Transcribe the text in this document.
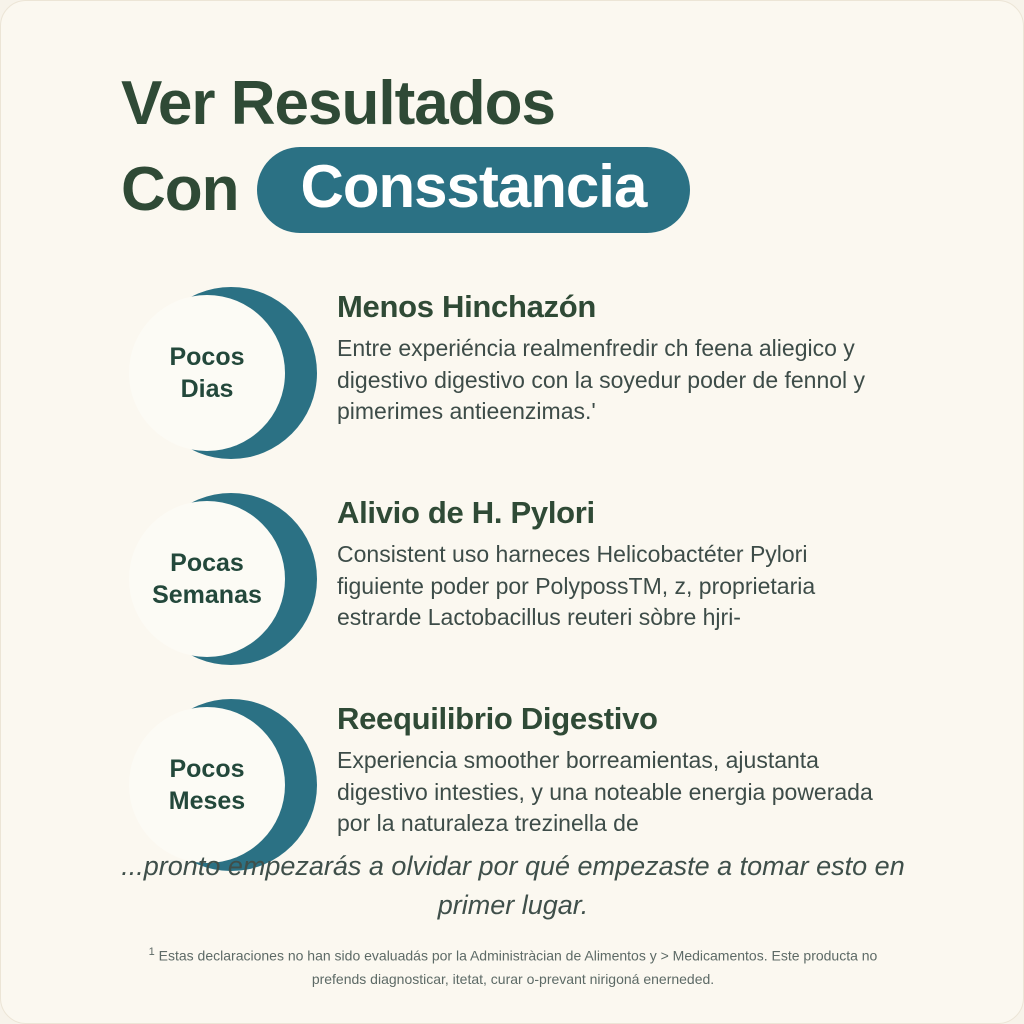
Ver Resultados
Con	Consstancia
Pocos
Dias
Menos Hinchazón
Entre experiéncia realmenfredir ch feena aliegico y digestivo digestivo con la soyedur poder de fennol y pimerimes antieenzimas.'
Pocas
Semanas
Alivio de H. Pylori
Consistent uso harneces Helicobactéter Pylori figuiente poder por PolypossTM, z, proprietaria estrarde Lactobacillus reuteri sòbre hjri-
Pocos
Meses
Reequilibrio Digestivo
Experiencia smoother borreamientas, ajustanta digestivo intesties, y una noteable energia powerada por la naturaleza trezinella de
...pronto empezarás a olvidar por qué empezaste a tomar esto en primer lugar.
$^1$ Estas declaraciones no han sido evaluadás por la Administràcian de Alimentos y > Medicamentos. Este producta no prefends diagnosticar, itetat, curar o-prevant nirigoná enerneded.
